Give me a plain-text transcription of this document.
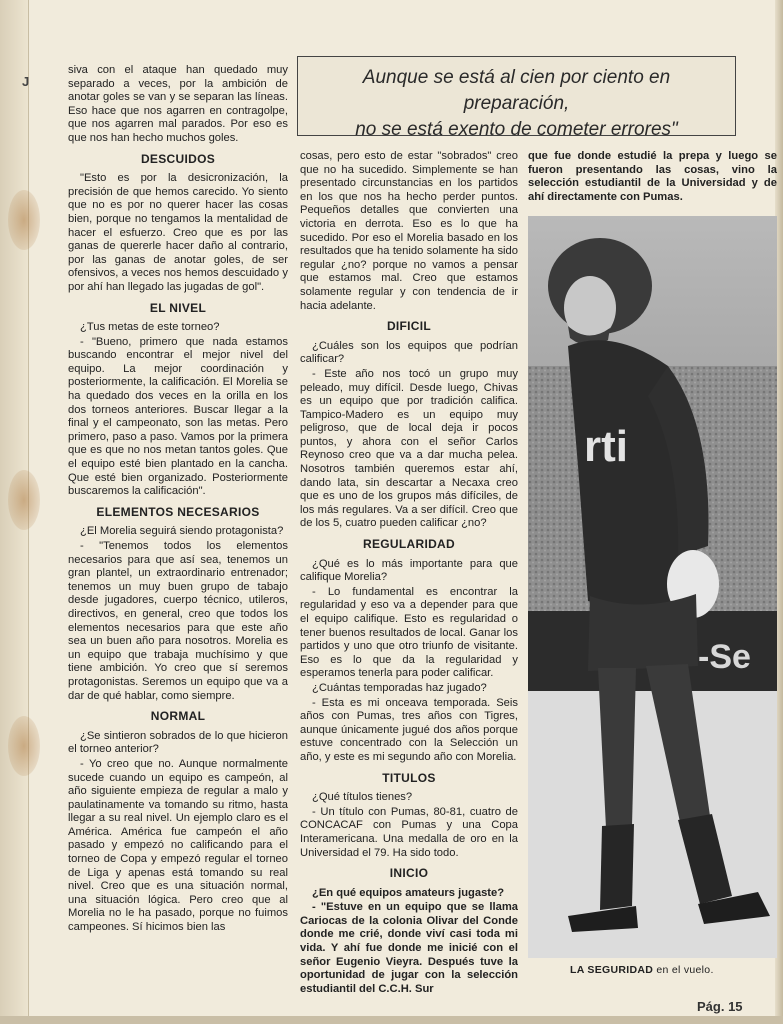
J	Aunque se está al cien por ciento en preparación,
no se está exento de cometer errores"

siva con el ataque han quedado muy separado a veces, por la ambición de anotar goles se van y se separan las líneas. Eso hace que nos agarren en contragolpe, que nos agarren mal parados. Por eso es que nos han hecho muchos goles.

DESCUIDOS

"Esto es por la desicronización, la precisión de que hemos carecido. Yo siento que no es por no querer hacer las cosas bien, porque no tengamos la mentalidad de hacer el esfuerzo. Creo que es por las ganas de quererle hacer daño al contrario, por las ganas de anotar goles, de ser ofensivos, a veces nos hemos descuidado y por ahí han llegado las jugadas de gol".

EL NIVEL

¿Tus metas de este torneo?

- "Bueno, primero que nada estamos buscando encontrar el mejor nivel del equipo. La mejor coordinación y posteriormente, la calificación. El Morelia se ha quedado dos veces en la orilla en los dos torneos anteriores. Buscar llegar a la final y el campeonato, son las metas. Pero primero, paso a paso. Vamos por la primera que es que no nos metan tantos goles. Que el equipo esté bien plantado en la cancha. Que esté bien organizado. Posteriormente buscaremos la calificación".

ELEMENTOS NECESARIOS

¿El Morelia seguirá siendo protagonista?

- "Tenemos todos los elementos necesarios para que así sea, tenemos un gran plantel, un extraordinario entrenador; tenemos un muy buen grupo de tabajo desde jugadores, cuerpo técnico, utileros, directivos, en general, creo que todos los elementos necesarios para que este año sea un buen año para nosotros. Morelia es un equipo que trabaja muchísimo y que tiene ambición. Yo creo que sí seremos protagonistas. Seremos un equipo que va a dar de qué hablar, como siempre.

NORMAL

¿Se sintieron sobrados de lo que hicieron el torneo anterior?

- Yo creo que no. Aunque normalmente sucede cuando un equipo es campeón, al año siguiente empieza de regular a malo y paulatinamente va tomando su ritmo, hasta llegar a su real nivel. Un ejemplo claro es el América. América fue campeón el año pasado y empezó no calificando para el torneo de Copa y empezó regular el torneo de Liga y apenas está tomando su real nivel. Creo que es una situación normal, una situación lógica. Pero creo que al Morelia no le ha pasado, porque no fuimos campeones. Sí hicimos bien las

cosas, pero esto de estar "sobrados" creo que no ha sucedido. Simplemente se han presentado circunstancias en los partidos en los que nos ha hecho perder puntos. Pequeños detalles que convierten una victoria en derrota. Eso es lo que ha sucedido. Por eso el Morelia basado en los resultados que ha tenido solamente ha sido regular ¿no? porque no vamos a pensar que estamos mal. Creo que estamos solamente regular y con tendencia de ir hacia adelante.

DIFICIL

¿Cuáles son los equipos que podrían calificar?

- Este año nos tocó un grupo muy peleado, muy difícil. Desde luego, Chivas es un equipo que por tradición califica. Tampico-Madero es un equipo muy peligroso, que de local deja ir pocos puntos, y ahora con el señor Carlos Reynoso creo que va a dar mucha pelea. Nosotros también queremos estar ahí, dando lata, sin descartar a Necaxa creo que es uno de los grupos más difíciles, de los más regulares. Va a ser difícil. Creo que de los 5, cuatro pueden calificar ¿no?

REGULARIDAD

¿Qué es lo más importante para que califique Morelia?

- Lo fundamental es encontrar la regularidad y eso va a depender para que el equipo califique. Esto es regularidad o tener buenos resultados de local. Ganar los partidos y uno que otro triunfo de visitante. Eso es lo que da la regularidad y esperamos tenerla para poder calificar.

¿Cuántas temporadas haz jugado?

- Esta es mi onceava temporada. Seis años con Pumas, tres años con Tigres, aunque únicamente jugué dos años porque estuve concentrado con la Selección un año, y este es mi segundo año con Morelia.

TITULOS

¿Qué títulos tienes?

- Un título con Pumas, 80-81, cuatro de CONCACAF con Pumas y una Copa Interamericana. Una medalla de oro en la Universidad el 79. Ha sido todo.

INICIO

¿En qué equipos amateurs jugaste?

- "Estuve en un equipo que se llama Cariocas de la colonia Olivar del Conde donde me crié, donde viví casi toda mi vida. Y ahí fue donde me inicié con el señor Eugenio Vieyra. Después tuve la oportunidad de jugar con la selección estudiantil del C.C.H. Sur

que fue donde estudié la prepa y luego se fueron presentando las cosas, vino la selección estudiantil de la Universidad y de ahí directamente con Pumas.

-Se
rti
LA SEGURIDAD en el vuelo.
Pág. 15
